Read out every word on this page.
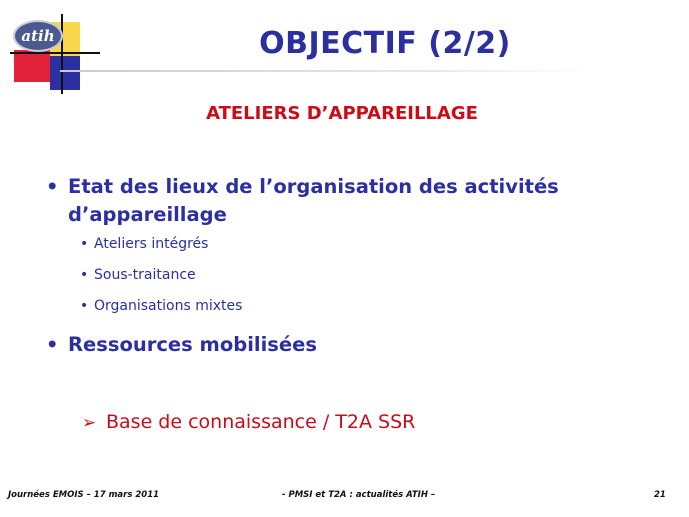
atih	OBJECTIF (2/2)
ATELIERS D’APPAREILLAGE
• Etat des lieux de l’organisation des activités d’appareillage
• Ateliers intégrés
• Sous-traitance
• Organisations mixtes
• Ressources mobilisées
➢ Base de connaissance / T2A SSR
Journées EMOIS – 17 mars 2011	- PMSI et T2A : actualités ATIH –	21
